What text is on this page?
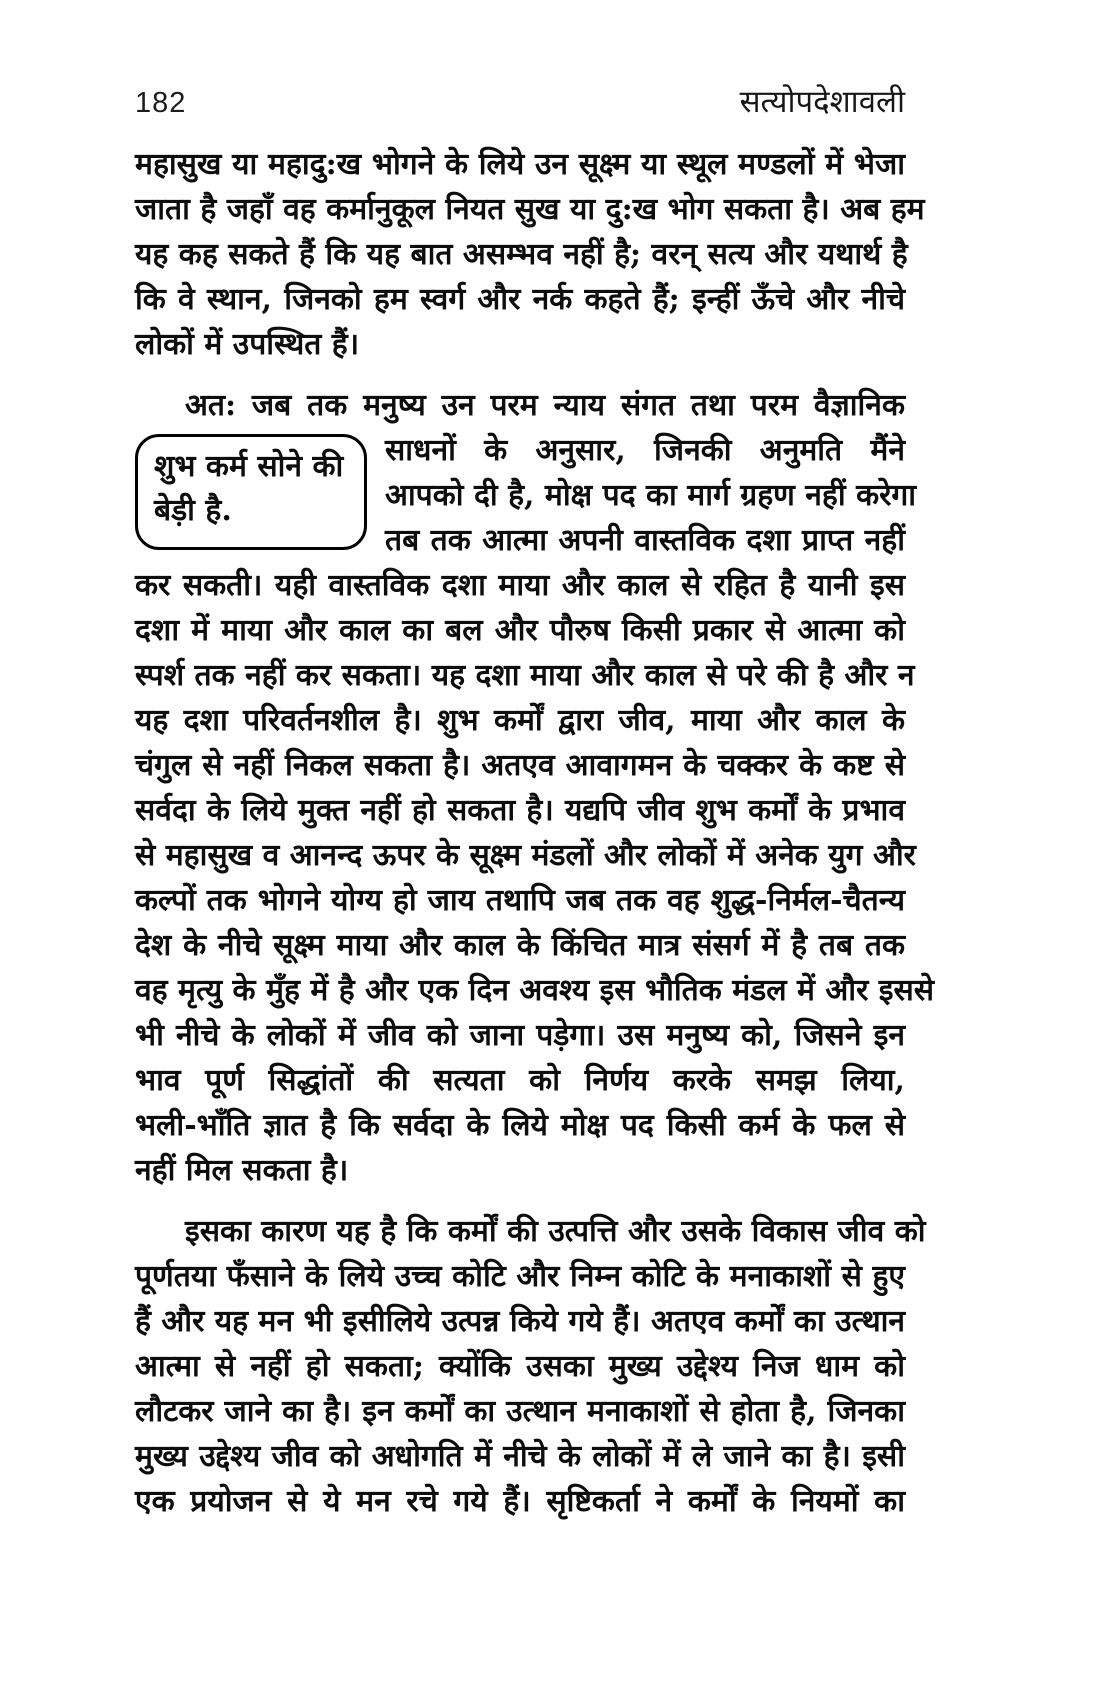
182	सत्योपदेशावली
महासुख या महादु:ख भोगने के लिये उन सूक्ष्म या स्थूल मण्डलों में भेजा
जाता है जहाँ वह कर्मानुकूल नियत सुख या दु:ख भोग सकता है। अब हम
यह कह सकते हैं कि यह बात असम्भव नहीं है; वरन् सत्य और यथार्थ है
कि वे स्थान, जिनको हम स्वर्ग और नर्क कहते हैं; इन्हीं ऊँचे और नीचे
लोकों में उपस्थित हैं।
अत: जब तक मनुष्य उन परम न्याय संगत तथा परम वैज्ञानिक
शुभ कर्म सोने की
बेड़ी है.
साधनों के अनुसार, जिनकी अनुमति मैंने
आपको दी है, मोक्ष पद का मार्ग ग्रहण नहीं करेगा
तब तक आत्मा अपनी वास्तविक दशा प्राप्त नहीं
कर सकती। यही वास्तविक दशा माया और काल से रहित है यानी इस
दशा में माया और काल का बल और पौरुष किसी प्रकार से आत्मा को
स्पर्श तक नहीं कर सकता। यह दशा माया और काल से परे की है और न
यह दशा परिवर्तनशील है। शुभ कर्मों द्वारा जीव, माया और काल के
चंगुल से नहीं निकल सकता है। अतएव आवागमन के चक्कर के कष्ट से
सर्वदा के लिये मुक्त नहीं हो सकता है। यद्यपि जीव शुभ कर्मों के प्रभाव
से महासुख व आनन्द ऊपर के सूक्ष्म मंडलों और लोकों में अनेक युग और
कल्पों तक भोगने योग्य हो जाय तथापि जब तक वह शुद्ध-निर्मल-चैतन्य
देश के नीचे सूक्ष्म माया और काल के किंचित मात्र संसर्ग में है तब तक
वह मृत्यु के मुँह में है और एक दिन अवश्य इस भौतिक मंडल में और इससे
भी नीचे के लोकों में जीव को जाना पड़ेगा। उस मनुष्य को, जिसने इन
भाव पूर्ण सिद्धांतों की सत्यता को निर्णय करके समझ लिया,
भली-भाँति ज्ञात है कि सर्वदा के लिये मोक्ष पद किसी कर्म के फल से
नहीं मिल सकता है।
इसका कारण यह है कि कर्मों की उत्पत्ति और उसके विकास जीव को
पूर्णतया फँसाने के लिये उच्च कोटि और निम्न कोटि के मनाकाशों से हुए
हैं और यह मन भी इसीलिये उत्पन्न किये गये हैं। अतएव कर्मों का उत्थान
आत्मा से नहीं हो सकता; क्योंकि उसका मुख्य उद्देश्य निज धाम को
लौटकर जाने का है। इन कर्मों का उत्थान मनाकाशों से होता है, जिनका
मुख्य उद्देश्य जीव को अधोगति में नीचे के लोकों में ले जाने का है। इसी
एक प्रयोजन से ये मन रचे गये हैं। सृष्टिकर्ता ने कर्मों के नियमों का
